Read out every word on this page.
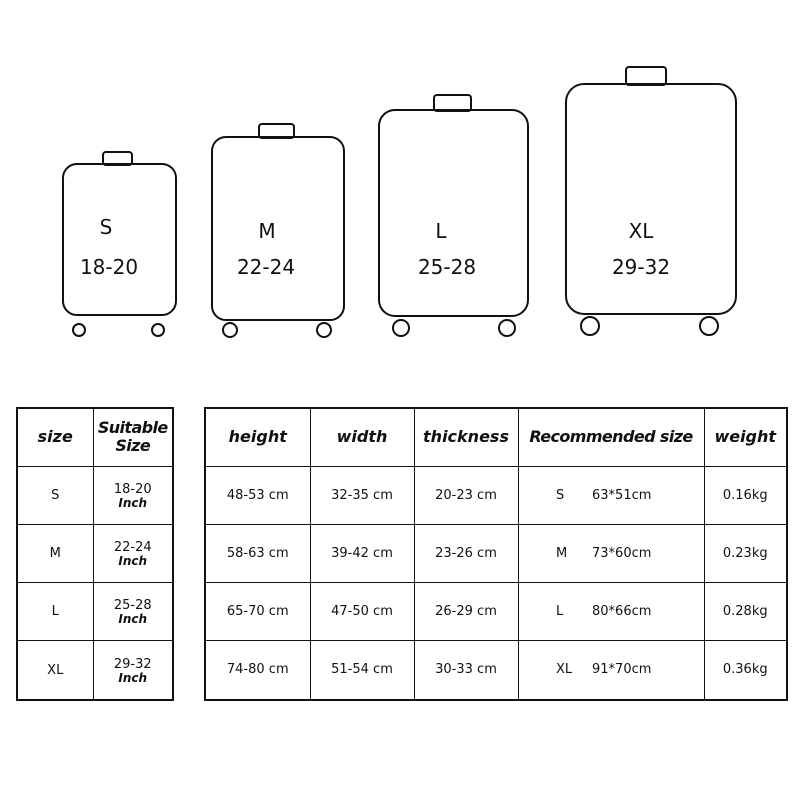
S
18-20
M
22-24
L
25-28
XL
29-32
size	Suitable Size
S	18-20
Inch

M	22-24
Inch

L	25-28
Inch

XL	29-32
Inch
height	width	thickness	Recommended size	weight
48-53 cm	32-35 cm	20-23 cm	S 63*51cm	0.16kg
58-63 cm	39-42 cm	23-26 cm	M 73*60cm	0.23kg
65-70 cm	47-50 cm	26-29 cm	L 80*66cm	0.28kg
74-80 cm	51-54 cm	30-33 cm	XL 91*70cm	0.36kg
